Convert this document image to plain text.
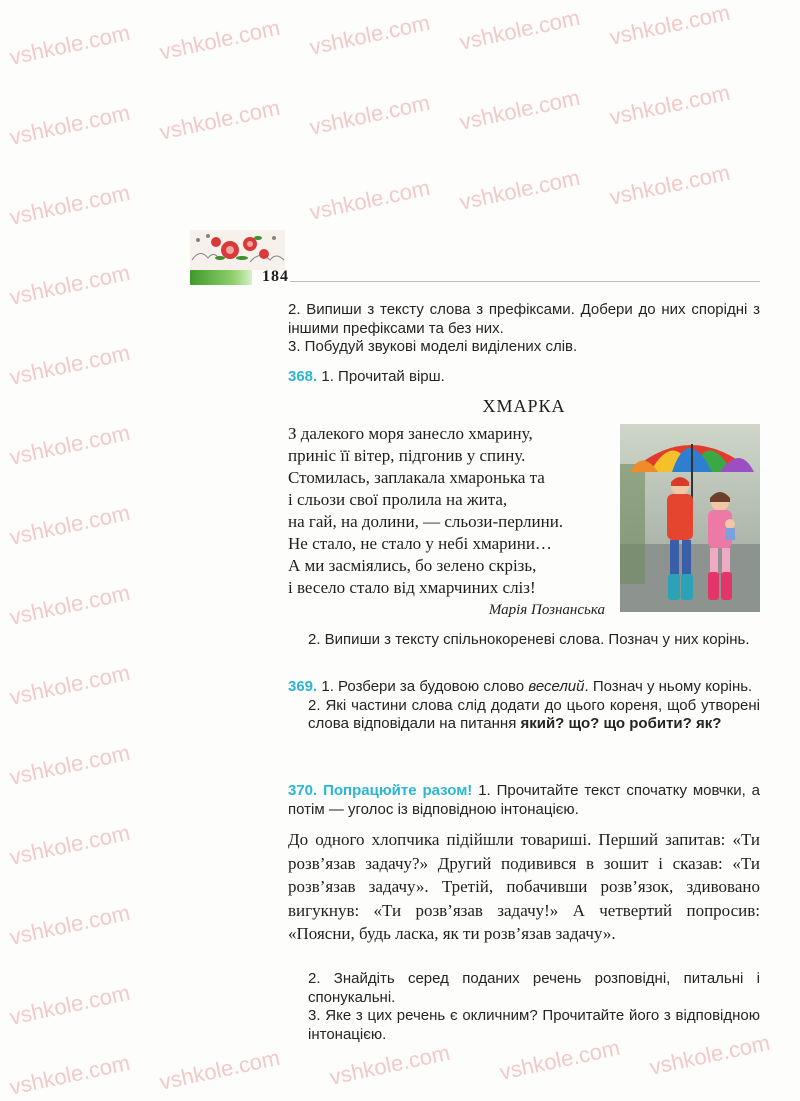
vshkole.com vshkole.com vshkole.com vshkole.com vshkole.com
vshkole.com vshkole.com vshkole.com vshkole.com vshkole.com
vshkole.com	vshkole.com vshkole.com vshkole.com
vshkole.com
vshkole.com
vshkole.com
vshkole.com
vshkole.com
vshkole.com
vshkole.com
vshkole.com
vshkole.com
vshkole.com
vshkole.com vshkole.com vshkole.com vshkole.com vshkole.com
184
2. Випиши з тексту слова з префіксами. Добери до них спорідні з іншими префіксами та без них.
3. Побудуй звукові моделі виділених слів.
368. 1. Прочитай вірш.
ХМАРКА
З далекого моря занесло хмарину,
приніс її вітер, підгонив у спину.
Стомилась, заплакала хмаронька та
і сльози свої пролила на жита,
на гай, на долини, — сльози-перлини.
Не стало, не стало у небі хмарини…
А ми засміялись, бо зелено скрізь,
і весело стало від хмарчиних сліз!
Марія Познанська
2. Випиши з тексту спільнокореневі слова. Познач у них корінь.
369. 1. Розбери за будовою слово веселий. Познач у ньому корінь.
2. Які частини слова слід додати до цього кореня, щоб утворені слова відповідали на питання який? що? що робити? як?
370. Попрацюйте разом! 1. Прочитайте текст спочатку мовчки, а потім — уголос із відповідною інтонацією.
До одного хлопчика підійшли товариші. Перший запитав: «Ти розв’язав задачу?» Другий подивився в зошит і сказав: «Ти розв’язав задачу». Третій, побачивши розв’язок, здивовано вигукнув: «Ти розв’язав задачу!» А четвертий попросив: «Поясни, будь ласка, як ти розв’язав задачу».
2. Знайдіть серед поданих речень розповідні, питальні і спонукальні.
3. Яке з цих речень є окличним? Прочитайте його з відповідною інтонацією.
